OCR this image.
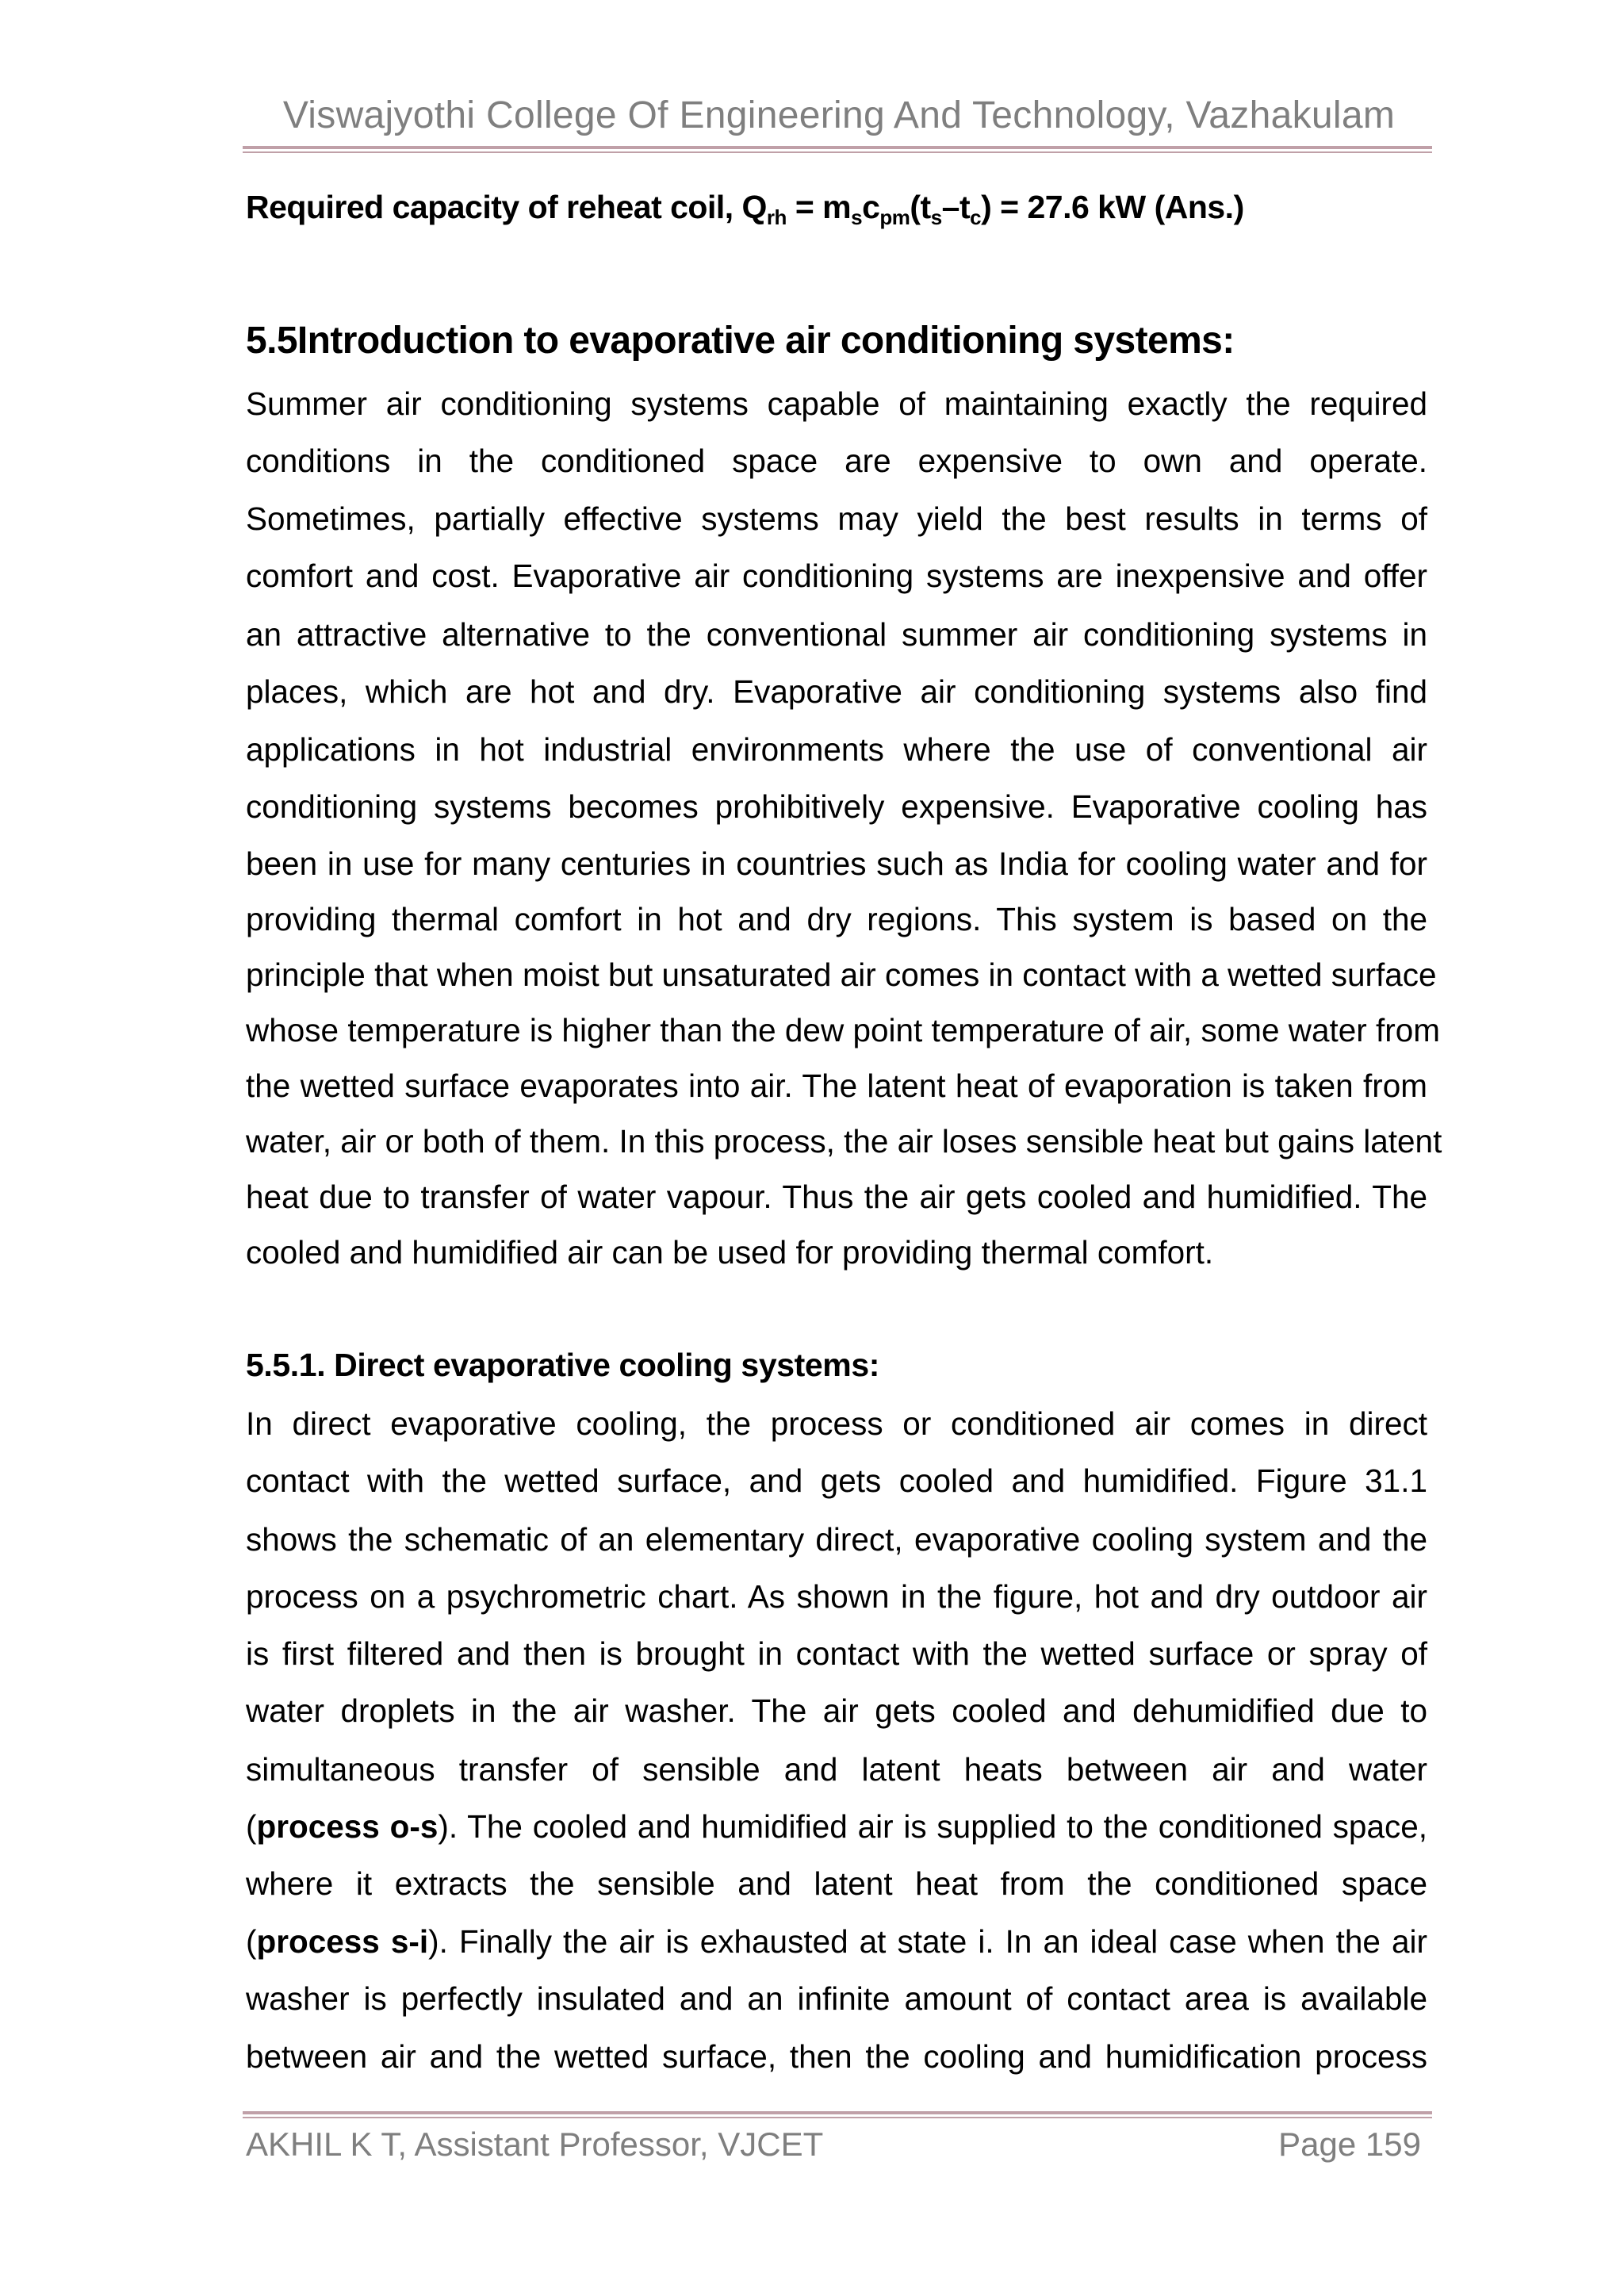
Viswajyothi College Of Engineering And Technology, Vazhakulam
Required capacity of reheat coil, $Q_{rh} = m_sc_{pm}(t_s-t_c) = 27.6$ kW (Ans.)
5.5Introduction to evaporative air conditioning systems:
Summer air conditioning systems capable of maintaining exactly the required
conditions in the conditioned space are expensive to own and operate.
Sometimes, partially effective systems may yield the best results in terms of
comfort and cost. Evaporative air conditioning systems are inexpensive and offer
an attractive alternative to the conventional summer air conditioning systems in
places, which are hot and dry. Evaporative air conditioning systems also find
applications in hot industrial environments where the use of conventional air
conditioning systems becomes prohibitively expensive. Evaporative cooling has
been in use for many centuries in countries such as India for cooling water and for
providing thermal comfort in hot and dry regions. This system is based on the
principle that when moist but unsaturated air comes in contact with a wetted surface
whose temperature is higher than the dew point temperature of air, some water from
the wetted surface evaporates into air. The latent heat of evaporation is taken from
water, air or both of them. In this process, the air loses sensible heat but gains latent
heat due to transfer of water vapour. Thus the air gets cooled and humidified. The
cooled and humidified air can be used for providing thermal comfort.
5.5.1. Direct evaporative cooling systems:
In direct evaporative cooling, the process or conditioned air comes in direct
contact with the wetted surface, and gets cooled and humidified. Figure 31.1
shows the schematic of an elementary direct, evaporative cooling system and the
process on a psychrometric chart. As shown in the figure, hot and dry outdoor air
is first filtered and then is brought in contact with the wetted surface or spray of
water droplets in the air washer. The air gets cooled and dehumidified due to
simultaneous transfer of sensible and latent heats between air and water
(process o-s). The cooled and humidified air is supplied to the conditioned space,
where it extracts the sensible and latent heat from the conditioned space
(process s-i). Finally the air is exhausted at state i. In an ideal case when the air
washer is perfectly insulated and an infinite amount of contact area is available
between air and the wetted surface, then the cooling and humidification process
AKHIL K T, Assistant Professor, VJCET	Page 159
